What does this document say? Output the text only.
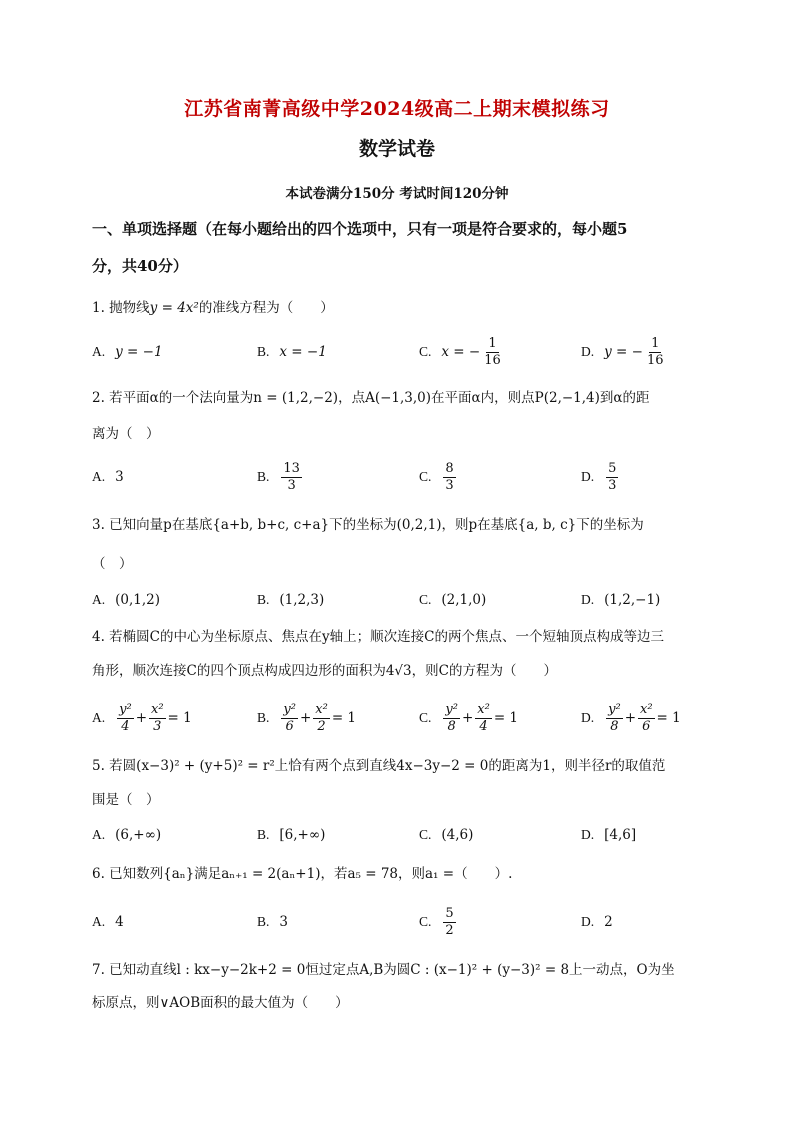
江苏省南菁高级中学2024级高二上期末模拟练习
数学试卷
本试卷满分150分 考试时间120分钟
一、单项选择题（在每小题给出的四个选项中，只有一项是符合要求的，每小题5
分，共40分）
1. 抛物线y = 4x²的准线方程为（　　）
A. y = −1	B. x = −1	C. x = − $\frac{1}{16}$	D. y = − $\frac{1}{16}$
2. 若平面α的一个法向量为n = (1,2,−2)，点A(−1,3,0)在平面α内，则点P(2,−1,4)到α的距
离为（　）
A. 3	B. $\frac{13}{3}$	C. $\frac{8}{3}$	D. $\frac{5}{3}$
3. 已知向量p在基底{a+b, b+c, c+a}下的坐标为(0,2,1)，则p在基底{a, b, c}下的坐标为
（　）
A. (0,1,2)	B. (1,2,3)	C. (2,1,0)	D. (1,2,−1)
4. 若椭圆C的中心为坐标原点、焦点在y轴上；顺次连接C的两个焦点、一个短轴顶点构成等边三
角形，顺次连接C的四个顶点构成四边形的面积为4√3，则C的方程为（　　）
A. $\frac{\text{y²}}{4} + \frac{\text{x²}}{3} = 1$	B. $\frac{\text{y²}}{6} + \frac{\text{x²}}{2} = 1$	C. $\frac{\text{y²}}{8} + \frac{\text{x²}}{4} = 1$	D. $\frac{\text{y²}}{8} + \frac{\text{x²}}{6} = 1$
5. 若圆(x−3)² + (y+5)² = r²上恰有两个点到直线4x−3y−2 = 0的距离为1，则半径r的取值范
围是（　）
A. (6,+∞)	B. [6,+∞)	C. (4,6)	D. [4,6]
6. 已知数列{aₙ}满足aₙ₊₁ = 2(aₙ+1)，若a₅ = 78，则a₁ =（　　）.
A. 4	B. 3	C. $\frac{5}{2}$	D. 2
7. 已知动直线l : kx−y−2k+2 = 0恒过定点A,B为圆C : (x−1)² + (y−3)² = 8上一动点，O为坐
标原点，则∨AOB面积的最大值为（　　）
